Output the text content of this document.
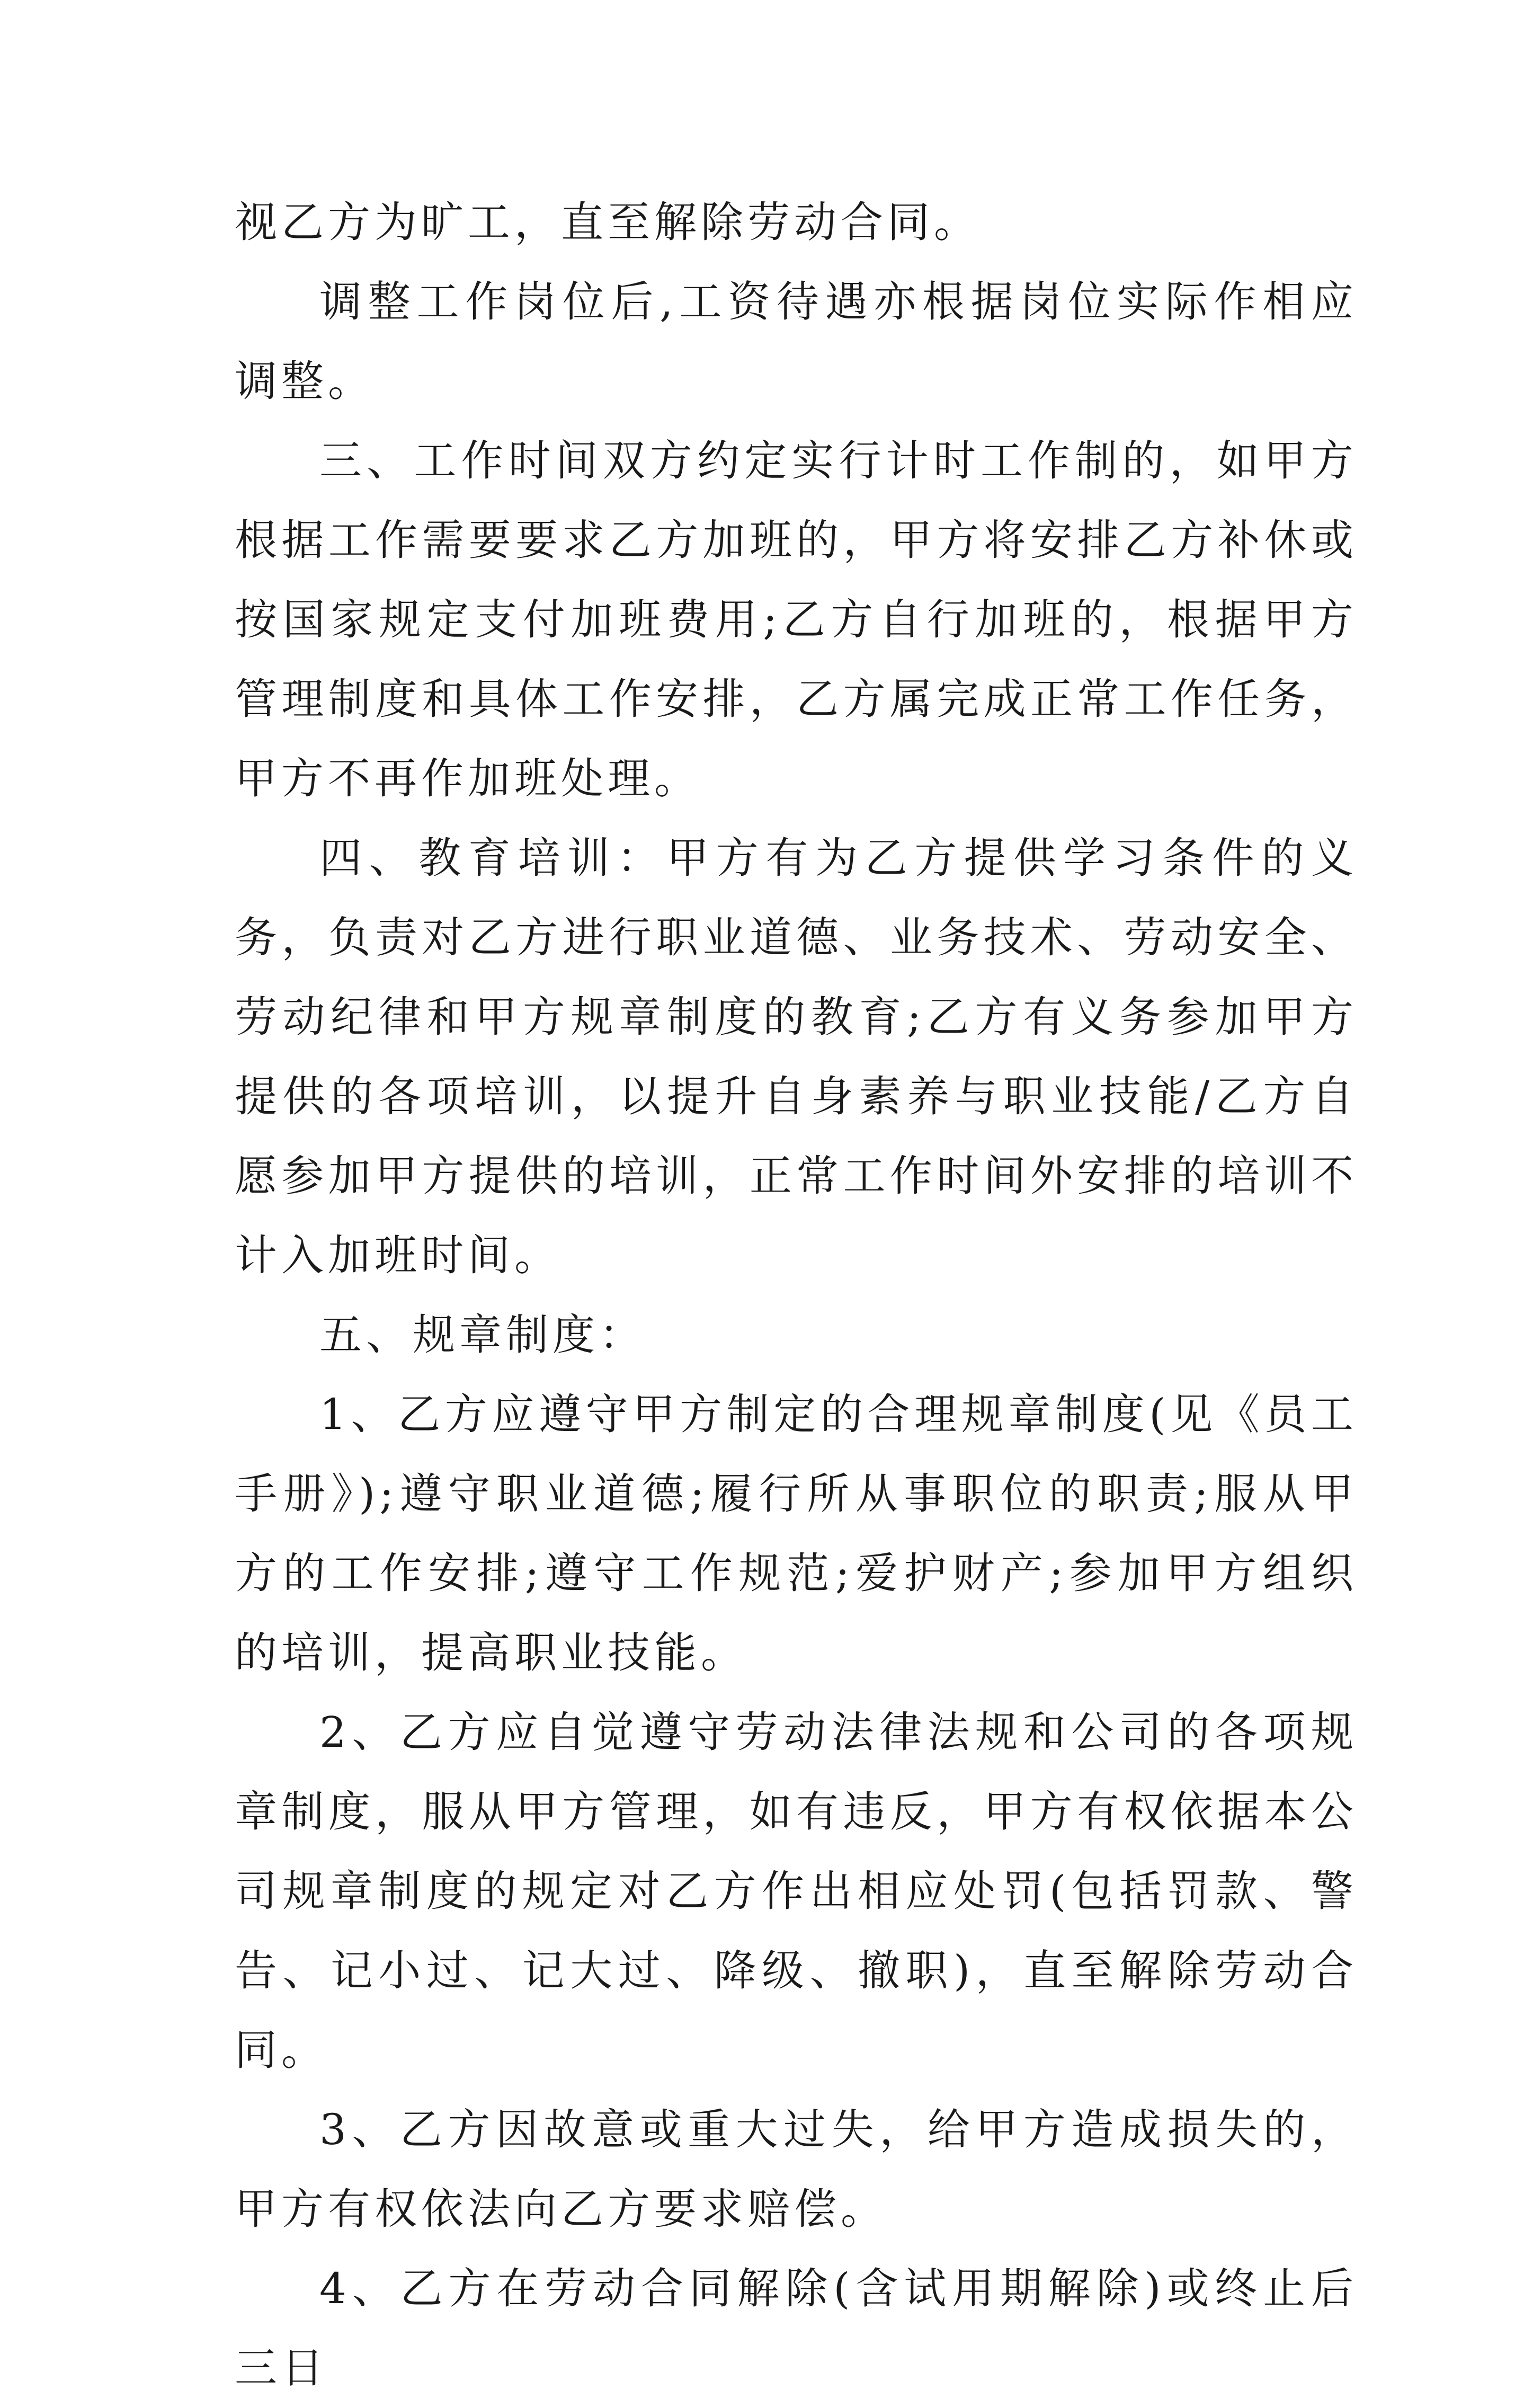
视乙方为旷工，直至解除劳动合同。

调整工作岗位后,工资待遇亦根据岗位实际作相应调整。

三、工作时间双方约定实行计时工作制的，如甲方根据工作需要要求乙方加班的，甲方将安排乙方补休或按国家规定支付加班费用;乙方自行加班的，根据甲方管理制度和具体工作安排，乙方属完成正常工作任务，甲方不再作加班处理。

四、教育培训：甲方有为乙方提供学习条件的义务，负责对乙方进行职业道德、业务技术、劳动安全、劳动纪律和甲方规章制度的教育;乙方有义务参加甲方提供的各项培训，以提升自身素养与职业技能/乙方自愿参加甲方提供的培训，正常工作时间外安排的培训不计入加班时间。

五、规章制度：

1、乙方应遵守甲方制定的合理规章制度(见《员工手册》);遵守职业道德;履行所从事职位的职责;服从甲方的工作安排;遵守工作规范;爱护财产;参加甲方组织的培训，提高职业技能。

2、乙方应自觉遵守劳动法律法规和公司的各项规章制度，服从甲方管理，如有违反，甲方有权依据本公司规章制度的规定对乙方作出相应处罚(包括罚款、警告、记小过、记大过、降级、撤职)，直至解除劳动合同。

3、乙方因故意或重大过失，给甲方造成损失的，甲方有权依法向乙方要求赔偿。

4、乙方在劳动合同解除(含试用期解除)或终止后三日
